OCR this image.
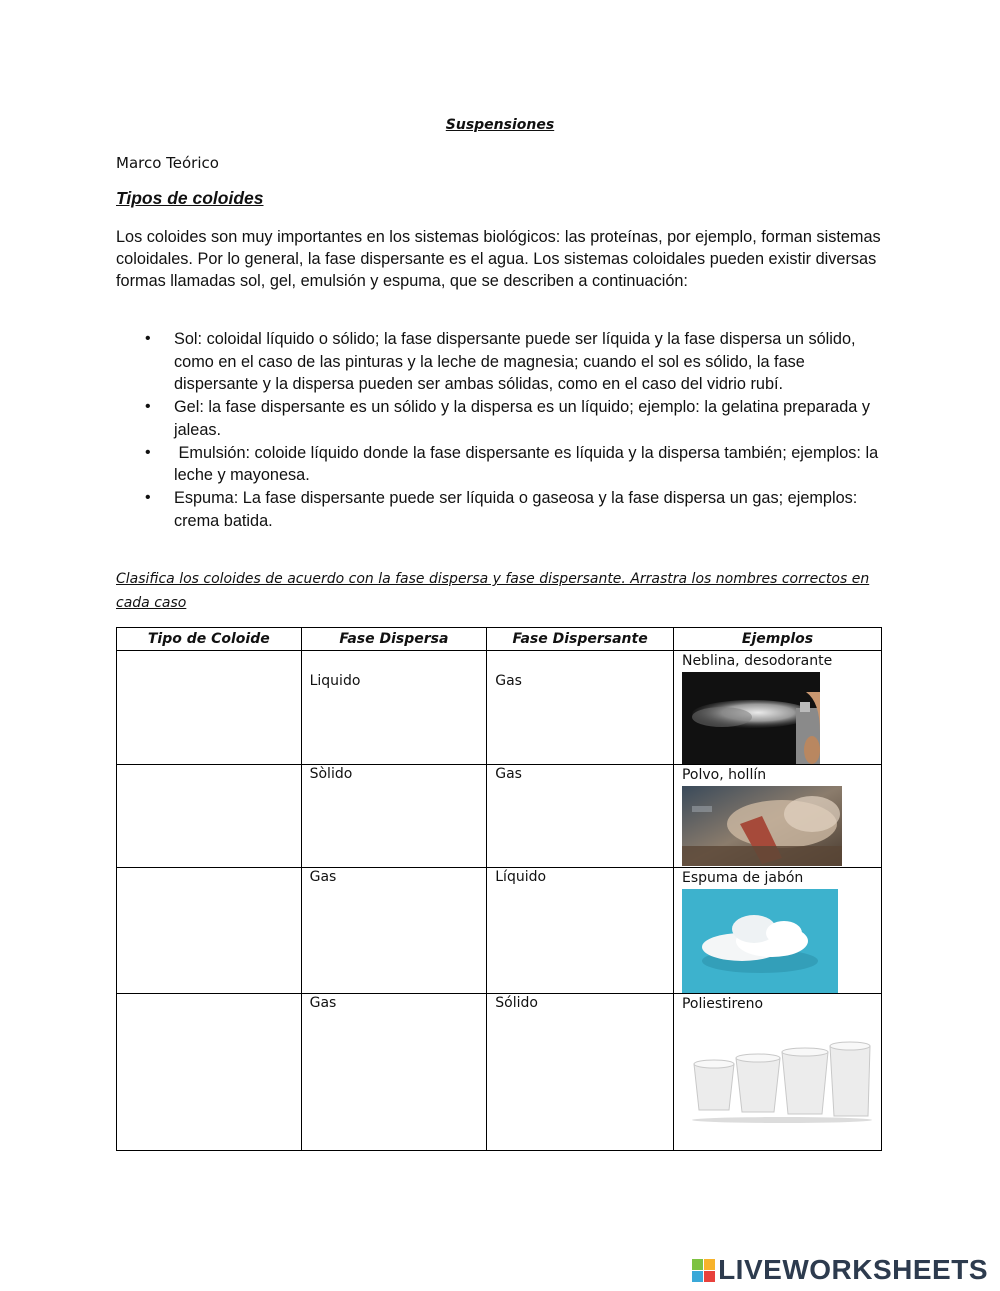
Suspensiones
Marco Teórico
Tipos de coloides

Los coloides son muy importantes en los sistemas biológicos: las proteínas, por ejemplo, forman sistemas coloidales. Por lo general, la fase dispersante es el agua. Los sistemas coloidales pueden existir diversas formas llamadas sol, gel, emulsión y espuma, que se describen a continuación:

• Sol: coloidal líquido o sólido; la fase dispersante puede ser líquida y la fase dispersa un sólido, como en el caso de las pinturas y la leche de magnesia; cuando el sol es sólido, la fase dispersante y la dispersa pueden ser ambas sólidas, como en el caso del vidrio rubí.
• Gel: la fase dispersante es un sólido y la dispersa es un líquido; ejemplo: la gelatina preparada y jaleas.
• Emulsión: coloide líquido donde la fase dispersante es líquida y la dispersa también; ejemplos: la leche y mayonesa.
• Espuma: La fase dispersante puede ser líquida o gaseosa y la fase dispersa un gas; ejemplos: crema batida.

Clasifica los coloides de acuerdo con la fase dispersa y fase dispersante. Arrastra los nombres correctos en cada caso

Tipo de Coloide	Fase Dispersa	Fase Dispersante	Ejemplos
	Liquido	Gas	Neblina, desodorante

	Sòlido	Gas	Polvo, hollín

	Gas	Líquido	Espuma de jabón

	Gas	Sólido	Poliestireno
LIVEWORKSHEETS
